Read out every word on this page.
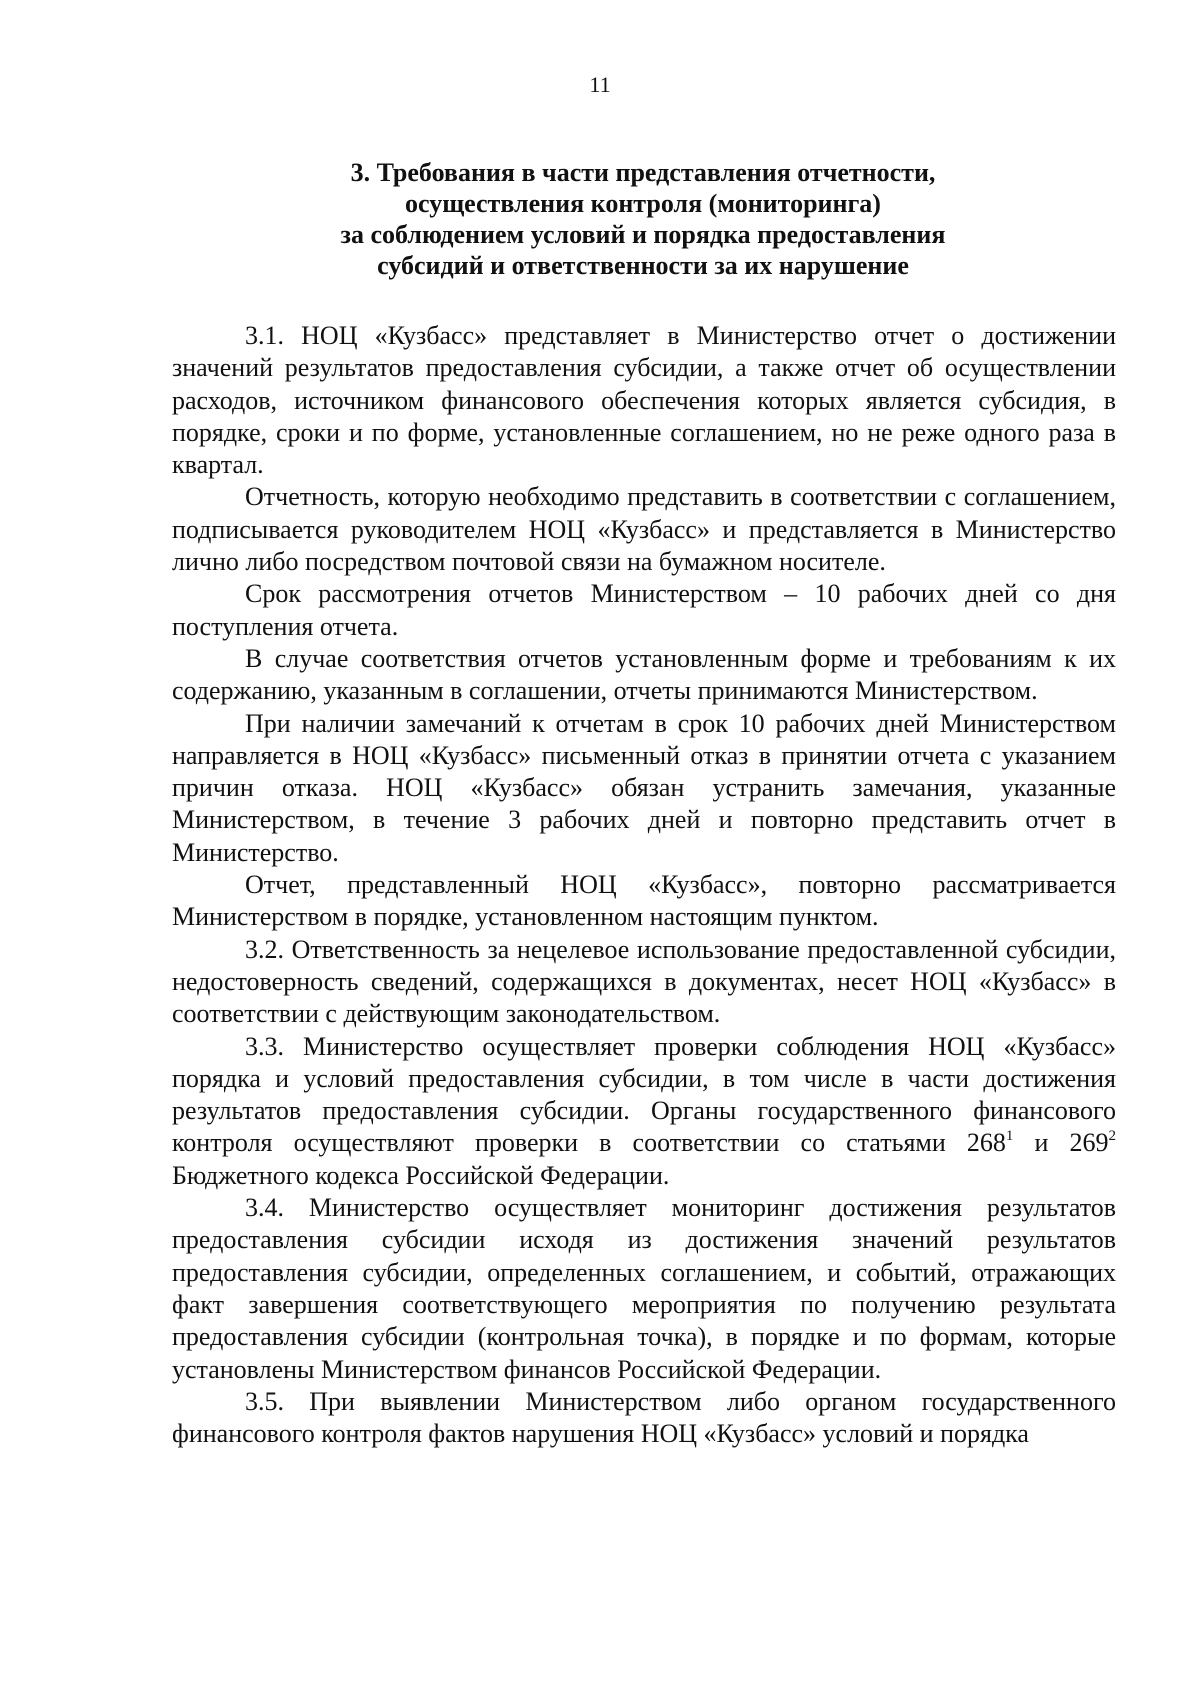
11
3. Требования в части представления отчетности,
осуществления контроля (мониторинга)
за соблюдением условий и порядка предоставления
субсидий и ответственности за их нарушение

3.1. НОЦ «Кузбасс» представляет в Министерство отчет о достижении значений результатов предоставления субсидии, а также отчет об осуществлении расходов, источником финансового обеспечения которых является субсидия, в порядке, сроки и по форме, установленные соглашением, но не реже одного раза в квартал.

Отчетность, которую необходимо представить в соответствии с соглашением, подписывается руководителем НОЦ «Кузбасс» и представляется в Министерство лично либо посредством почтовой связи на бумажном носителе.

Срок рассмотрения отчетов Министерством – 10 рабочих дней со дня поступления отчета.

В случае соответствия отчетов установленным форме и требованиям к их содержанию, указанным в соглашении, отчеты принимаются Министерством.

При наличии замечаний к отчетам в срок 10 рабочих дней Министерством направляется в НОЦ «Кузбасс» письменный отказ в принятии отчета с указанием причин отказа. НОЦ «Кузбасс» обязан устранить замечания, указанные Министерством, в течение 3 рабочих дней и повторно представить отчет в Министерство.

Отчет, представленный НОЦ «Кузбасс», повторно рассматривается Министерством в порядке, установленном настоящим пунктом.

3.2. Ответственность за нецелевое использование предоставленной субсидии, недостоверность сведений, содержащихся в документах, несет НОЦ «Кузбасс» в соответствии с действующим законодательством.

3.3. Министерство осуществляет проверки соблюдения НОЦ «Кузбасс» порядка и условий предоставления субсидии, в том числе в части достижения результатов предоставления субсидии. Органы государственного финансового контроля осуществляют проверки в соответствии со статьями $268^1$ и $269^2$ Бюджетного кодекса Российской Федерации.

3.4. Министерство осуществляет мониторинг достижения результатов предоставления субсидии исходя из достижения значений результатов предоставления субсидии, определенных соглашением, и событий, отражающих факт завершения соответствующего мероприятия по получению результата предоставления субсидии (контрольная точка), в порядке и по формам, которые установлены Министерством финансов Российской Федерации.

3.5. При выявлении Министерством либо органом государственного финансового контроля фактов нарушения НОЦ «Кузбасс» условий и порядка
